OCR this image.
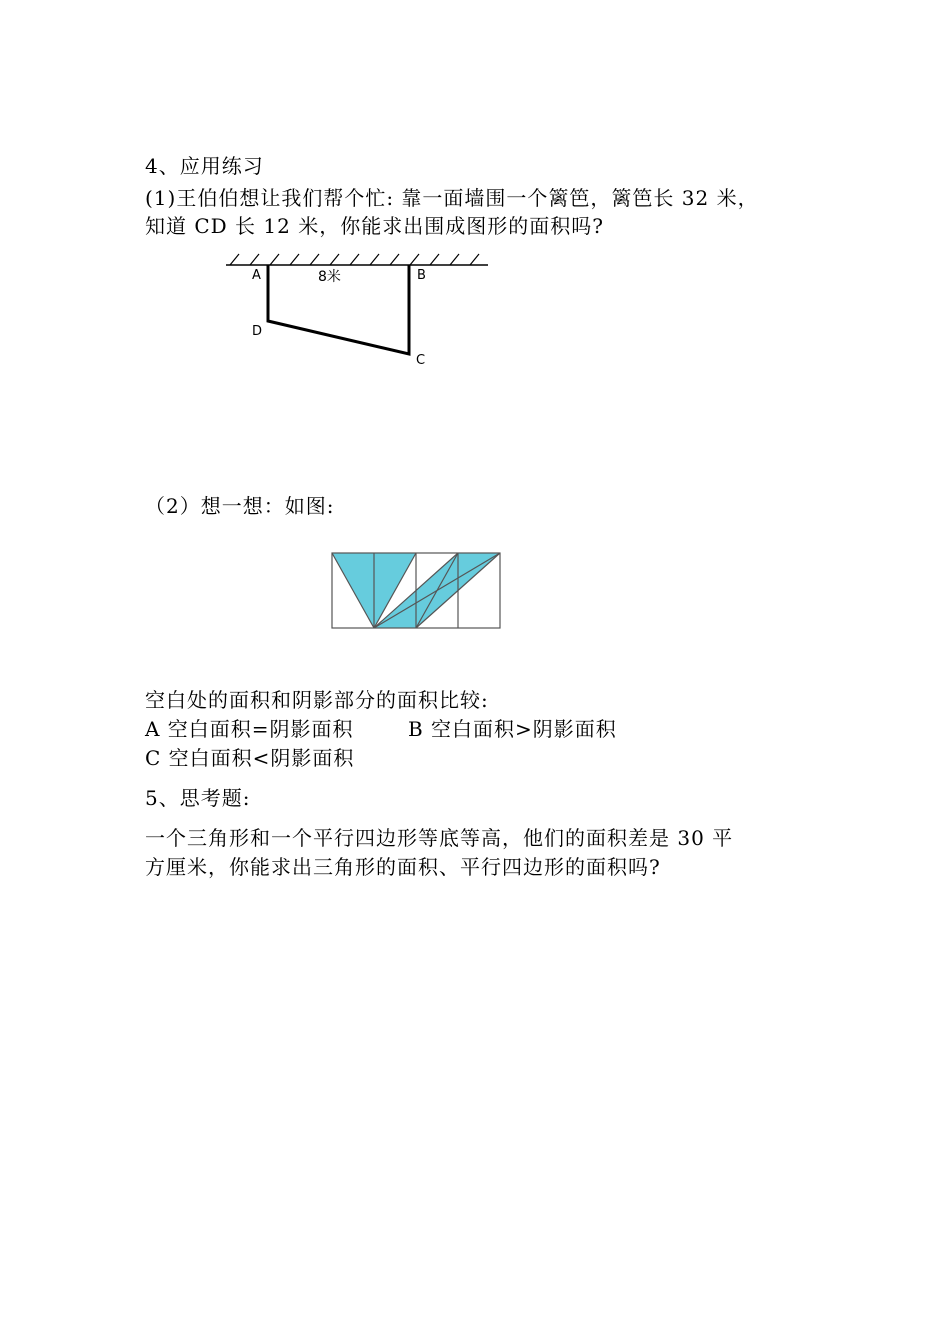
4、应用练习
(1)王伯伯想让我们帮个忙: 靠一面墙围一个篱笆，篱笆长 32 米，
知道 CD 长 12 米，你能求出围成图形的面积吗?
A	B
8米
D
C
（2）想一想：如图:
空白处的面积和阴影部分的面积比较:
A 空白面积=阴影面积	B 空白面积>阴影面积
C 空白面积<阴影面积
5、思考题:
一个三角形和一个平行四边形等底等高，他们的面积差是 30 平
方厘米，你能求出三角形的面积、平行四边形的面积吗?
